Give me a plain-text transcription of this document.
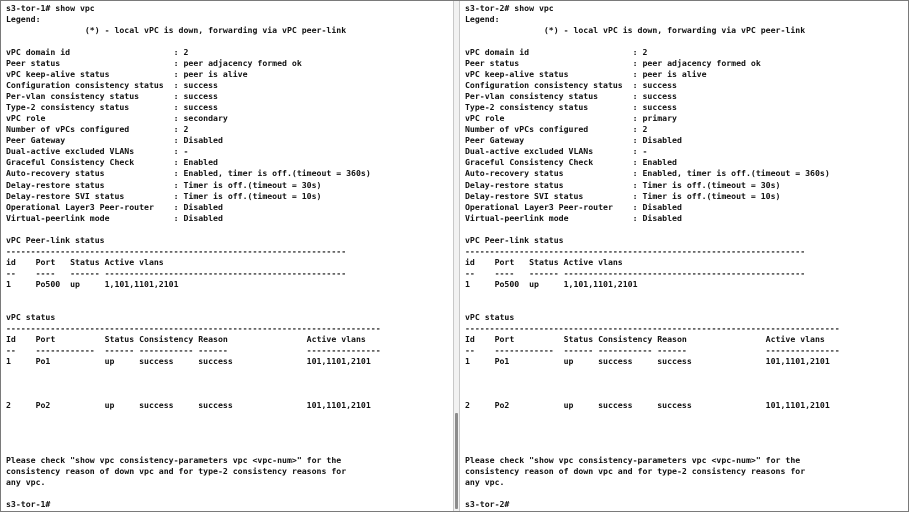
s3-tor-1# show vpc
Legend:
(*) - local vPC is down, forwarding via vPC peer-link
vPC domain id                     : 2
Peer status                       : peer adjacency formed ok
vPC keep-alive status             : peer is alive
Configuration consistency status  : success
Per-vlan consistency status       : success
Type-2 consistency status         : success
vPC role                          : secondary
Number of vPCs configured         : 2
Peer Gateway                      : Disabled
Dual-active excluded VLANs        : -
Graceful Consistency Check        : Enabled
Auto-recovery status              : Enabled, timer is off.(timeout = 360s)
Delay-restore status              : Timer is off.(timeout = 30s)
Delay-restore SVI status          : Timer is off.(timeout = 10s)
Operational Layer3 Peer-router    : Disabled
Virtual-peerlink mode             : Disabled
vPC Peer-link status
---------------------------------------------------------------------
id    Port   Status Active vlans
--    ----   ------ -------------------------------------------------
1     Po500  up     1,101,1101,2101
vPC status
----------------------------------------------------------------------------
Id    Port          Status Consistency Reason                Active vlans
--    ------------  ------ ----------- ------                ---------------
1     Po1           up     success     success               101,1101,2101
2     Po2           up     success     success               101,1101,2101
Please check "show vpc consistency-parameters vpc <vpc-num>" for the
consistency reason of down vpc and for type-2 consistency reasons for
any vpc.
s3-tor-1#
s3-tor-2# show vpc
Legend:
(*) - local vPC is down, forwarding via vPC peer-link
vPC domain id                     : 2
Peer status                       : peer adjacency formed ok
vPC keep-alive status             : peer is alive
Configuration consistency status  : success
Per-vlan consistency status       : success
Type-2 consistency status         : success
vPC role                          : primary
Number of vPCs configured         : 2
Peer Gateway                      : Disabled
Dual-active excluded VLANs        : -
Graceful Consistency Check        : Enabled
Auto-recovery status              : Enabled, timer is off.(timeout = 360s)
Delay-restore status              : Timer is off.(timeout = 30s)
Delay-restore SVI status          : Timer is off.(timeout = 10s)
Operational Layer3 Peer-router    : Disabled
Virtual-peerlink mode             : Disabled
vPC Peer-link status
---------------------------------------------------------------------
id    Port   Status Active vlans
--    ----   ------ -------------------------------------------------
1     Po500  up     1,101,1101,2101
vPC status
----------------------------------------------------------------------------
Id    Port          Status Consistency Reason                Active vlans
--    ------------  ------ ----------- ------                ---------------
1     Po1           up     success     success               101,1101,2101
2     Po2           up     success     success               101,1101,2101
Please check "show vpc consistency-parameters vpc <vpc-num>" for the
consistency reason of down vpc and for type-2 consistency reasons for
any vpc.
s3-tor-2#
